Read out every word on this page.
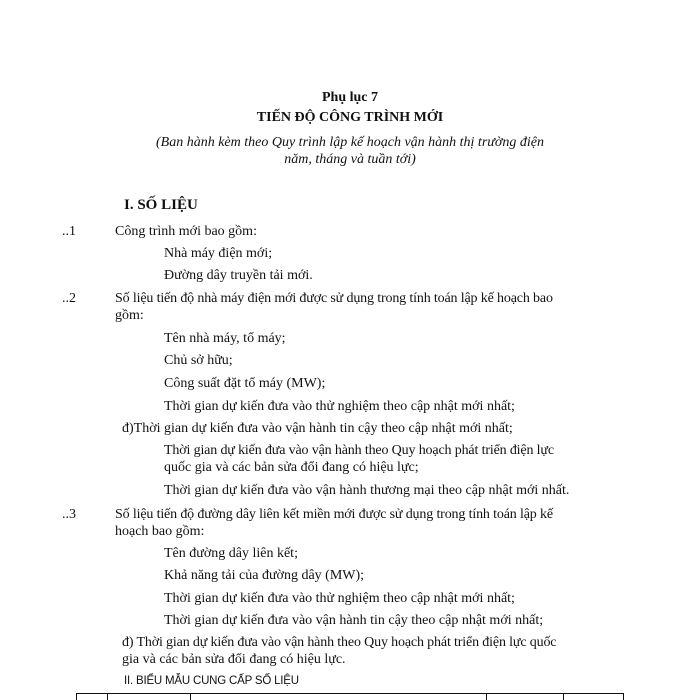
Phụ lục 7
TIẾN ĐỘ CÔNG TRÌNH MỚI
(Ban hành kèm theo Quy trình lập kế hoạch vận hành thị trường điện
năm, tháng và tuần tới)
I. SỐ LIỆU
..1	Công trình mới bao gồm:
Nhà máy điện mới;
Đường dây truyền tải mới.
..2	Số liệu tiến độ nhà máy điện mới được sử dụng trong tính toán lập kế hoạch bao
gồm:
Tên nhà máy, tổ máy;
Chủ sở hữu;
Công suất đặt tổ máy (MW);
Thời gian dự kiến đưa vào thử nghiệm theo cập nhật mới nhất;
đ)Thời gian dự kiến đưa vào vận hành tin cậy theo cập nhật mới nhất;
Thời gian dự kiến đưa vào vận hành theo Quy hoạch phát triển điện lực
quốc gia và các bản sửa đổi đang có hiệu lực;
Thời gian dự kiến đưa vào vận hành thương mại theo cập nhật mới nhất.
..3	Số liệu tiến độ đường dây liên kết miền mới được sử dụng trong tính toán lập kế
hoạch bao gồm:
Tên đường dây liên kết;
Khả năng tải của đường dây (MW);
Thời gian dự kiến đưa vào thử nghiệm theo cập nhật mới nhất;
Thời gian dự kiến đưa vào vận hành tin cậy theo cập nhật mới nhất;
đ) Thời gian dự kiến đưa vào vận hành theo Quy hoạch phát triển điện lực quốc
gia và các bản sửa đổi đang có hiệu lực.
II. BIỂU MẪU CUNG CẤP SỐ LIỆU
